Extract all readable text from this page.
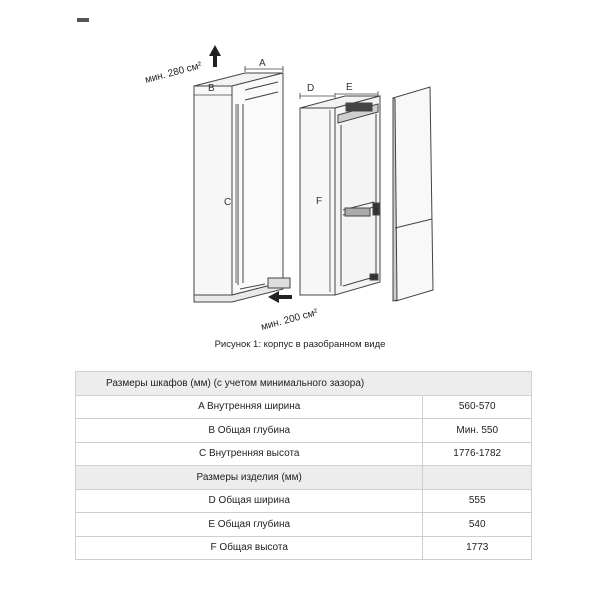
A
B
C
мин. 280 см²
мин. 200 см²
D	E
F
Рисунок 1: корпус в разобранном виде
Размеры шкафов (мм) (с учетом минимального зазора)	
A Внутренняя ширина	560-570
B Общая глубина	Мин. 550
C Внутренняя высота	1776-1782
Размеры изделия (мм)	
D Общая ширина	555
E Общая глубина	540
F Общая высота	1773
